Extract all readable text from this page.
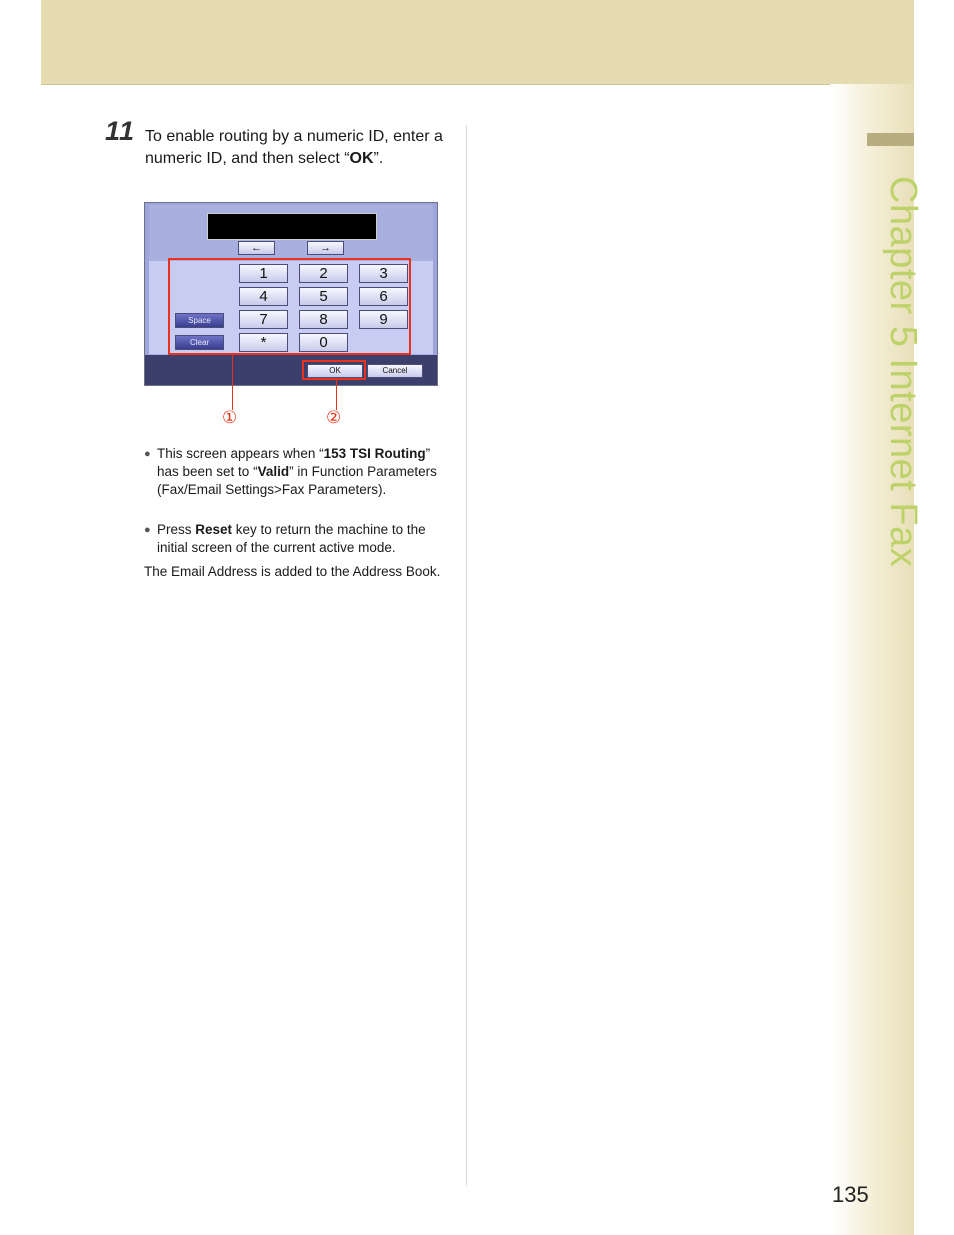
Chapter 5 Internet Fax
11 To enable routing by a numeric ID, enter a numeric ID, and then select “OK”.
←	→
1	2	3
4	5	6
7	8	9
*	0
Space
Clear
OK	Cancel
①	②
● This screen appears when “153 TSI Routing” has been set to “Valid” in Function Parameters (Fax/Email Settings>Fax Parameters).
● Press Reset key to return the machine to the initial screen of the current active mode.
The Email Address is added to the Address Book.
135
